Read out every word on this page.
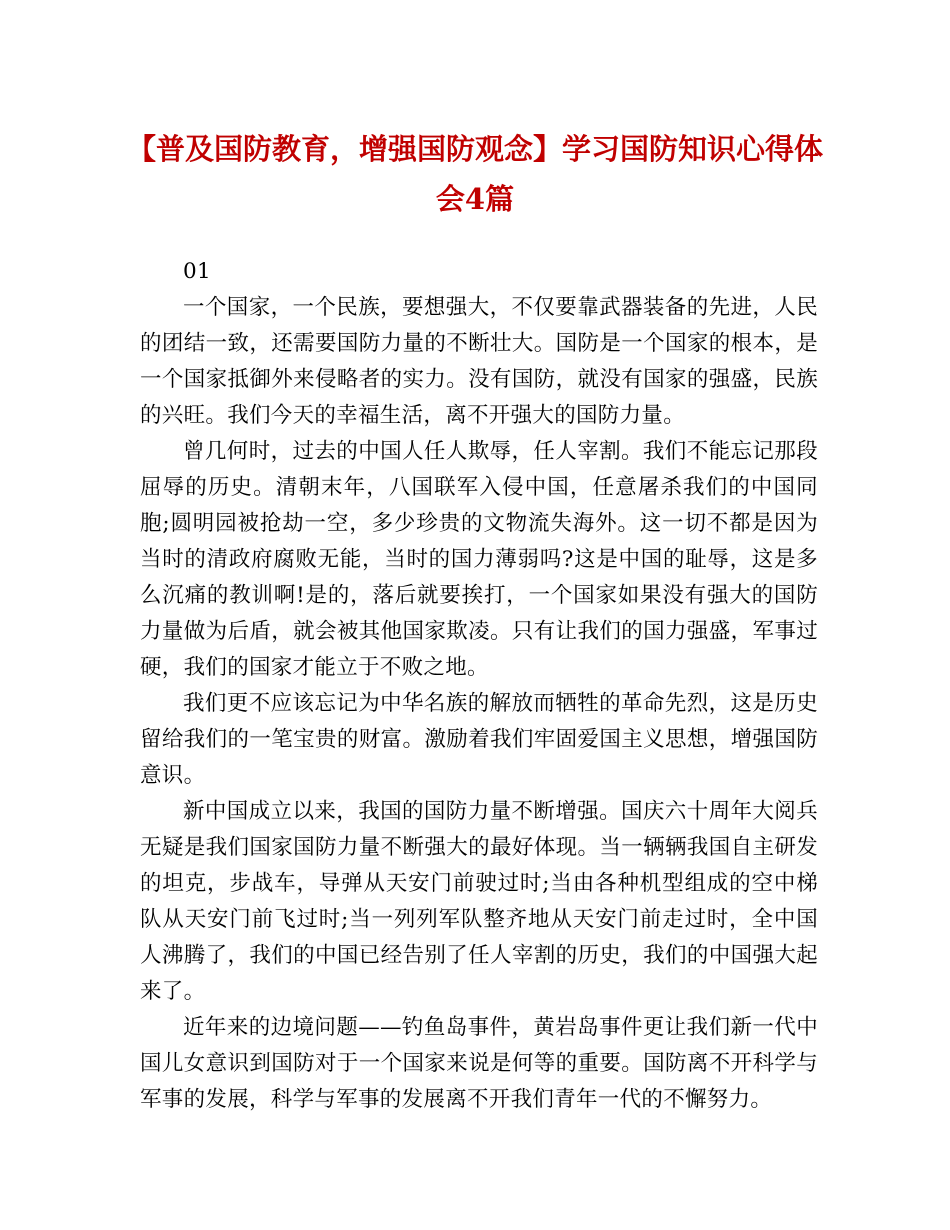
【普及国防教育，增强国防观念】学习国防知识心得体会4篇

01

一个国家，一个民族，要想强大，不仅要靠武器装备的先进，人民的团结一致，还需要国防力量的不断壮大。国防是一个国家的根本，是一个国家抵御外来侵略者的实力。没有国防，就没有国家的强盛，民族的兴旺。我们今天的幸福生活，离不开强大的国防力量。

曾几何时，过去的中国人任人欺辱，任人宰割。我们不能忘记那段屈辱的历史。清朝末年，八国联军入侵中国，任意屠杀我们的中国同胞;圆明园被抢劫一空，多少珍贵的文物流失海外。这一切不都是因为当时的清政府腐败无能，当时的国力薄弱吗?这是中国的耻辱，这是多么沉痛的教训啊!是的，落后就要挨打，一个国家如果没有强大的国防力量做为后盾，就会被其他国家欺凌。只有让我们的国力强盛，军事过硬，我们的国家才能立于不败之地。

我们更不应该忘记为中华名族的解放而牺牲的革命先烈，这是历史留给我们的一笔宝贵的财富。激励着我们牢固爱国主义思想，增强国防意识。

新中国成立以来，我国的国防力量不断增强。国庆六十周年大阅兵无疑是我们国家国防力量不断强大的最好体现。当一辆辆我国自主研发的坦克，步战车，导弹从天安门前驶过时;当由各种机型组成的空中梯队从天安门前飞过时;当一列列军队整齐地从天安门前走过时，全中国人沸腾了，我们的中国已经告别了任人宰割的历史，我们的中国强大起来了。

近年来的边境问题——钓鱼岛事件，黄岩岛事件更让我们新一代中国儿女意识到国防对于一个国家来说是何等的重要。国防离不开科学与军事的发展，科学与军事的发展离不开我们青年一代的不懈努力。
